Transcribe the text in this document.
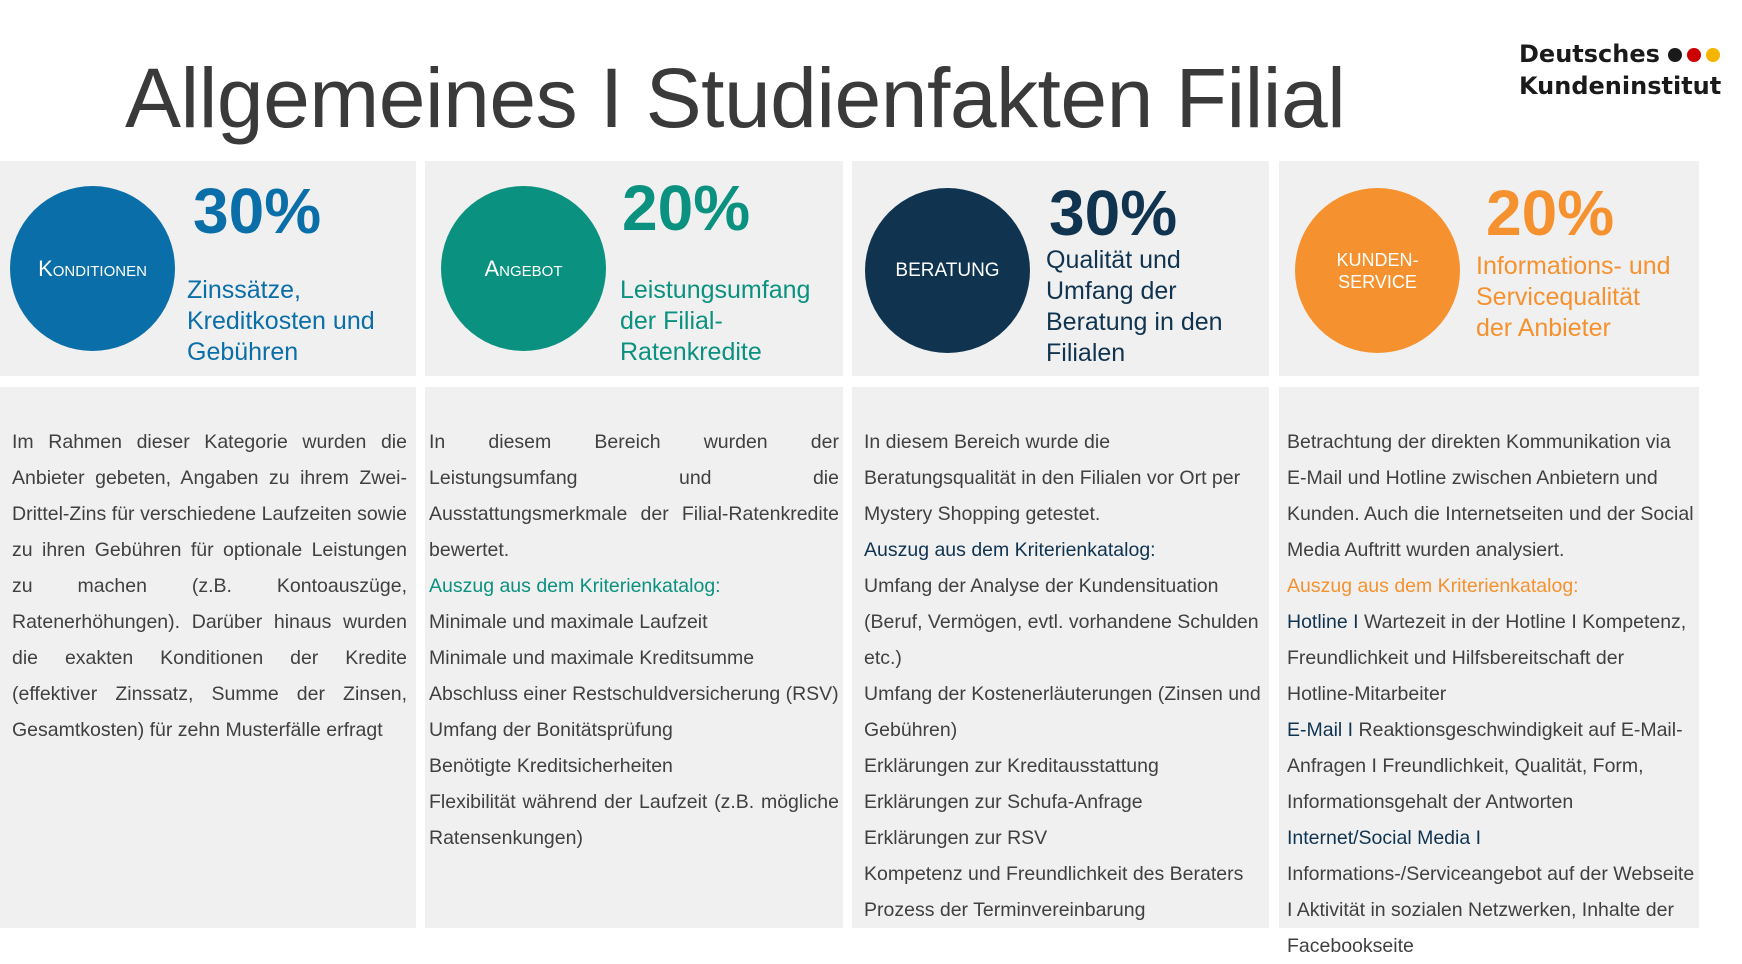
Allgemeines I Studienfakten Filial	Deutsches
Kundeninstitut
Konditionen
30%
Zinssätze,
Kreditkosten und
Gebühren

Im Rahmen dieser Kategorie wurden die Anbieter gebeten, Angaben zu ihrem Zwei-Drittel-Zins für verschiedene Laufzeiten sowie zu ihren Gebühren für optionale Leistungen zu machen (z.B. Kontoauszüge, Ratenerhöhungen). Darüber hinaus wurden die exakten Konditionen der Kredite (effektiver Zinssatz, Summe der Zinsen, Gesamtkosten) für zehn Musterfälle erfragt

Angebot
20%
Leistungsumfang
der Filial-
Ratenkredite

In diesem Bereich wurden der Leistungsumfang und die Ausstattungsmerkmale der Filial-Ratenkredite bewertet.

Auszug aus dem Kriterienkatalog:

Minimale und maximale Laufzeit

Minimale und maximale Kreditsumme

Abschluss einer Restschuldversicherung (RSV)

Umfang der Bonitätsprüfung

Benötigte Kreditsicherheiten

Flexibilität während der Laufzeit (z.B. mögliche Ratensenkungen)

BERATUNG
30%
Qualität und
Umfang der
Beratung in den
Filialen

In diesem Bereich wurde die Beratungsqualität in den Filialen vor Ort per Mystery Shopping getestet.

Auszug aus dem Kriterienkatalog:

Umfang der Analyse der Kundensituation (Beruf, Vermögen, evtl. vorhandene Schulden etc.)

Umfang der Kostenerläuterungen (Zinsen und Gebühren)

Erklärungen zur Kreditausstattung

Erklärungen zur Schufa-Anfrage

Erklärungen zur RSV

Kompetenz und Freundlichkeit des Beraters

Prozess der Terminvereinbarung

KUNDEN-
SERVICE
20%
Informations- und
Servicequalität
der Anbieter

Betrachtung der direkten Kommunikation via E-Mail und Hotline zwischen Anbietern und Kunden. Auch die Internetseiten und der Social Media Auftritt wurden analysiert.

Auszug aus dem Kriterienkatalog:

Hotline I Wartezeit in der Hotline I Kompetenz, Freundlichkeit und Hilfsbereitschaft der Hotline-Mitarbeiter

E-Mail I Reaktionsgeschwindigkeit auf E-Mail-Anfragen I Freundlichkeit, Qualität, Form, Informationsgehalt der Antworten

Internet/Social Media I Informations-/Serviceangebot auf der Webseite I Aktivität in sozialen Netzwerken, Inhalte der Facebookseite
